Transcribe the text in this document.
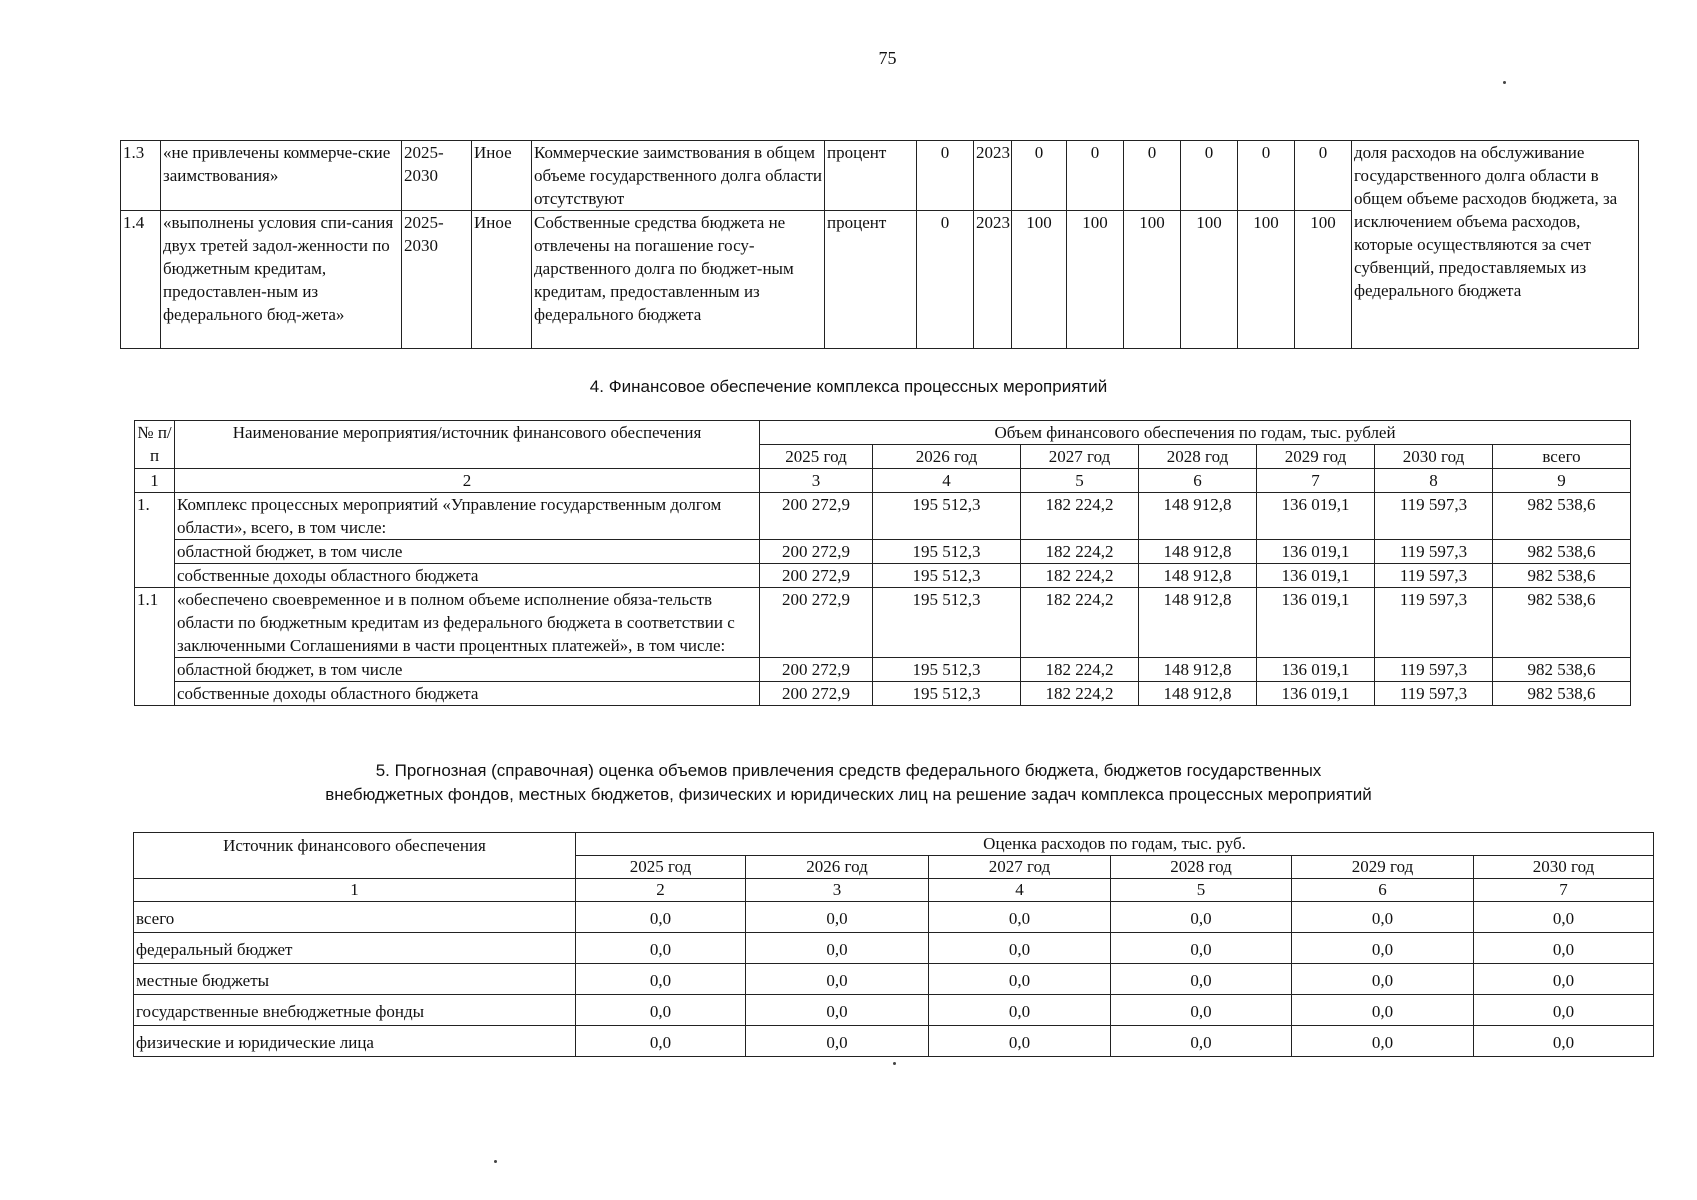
75
1.3	«не привлечены коммерче-ские заимствования»	2025-2030	Иное	Коммерческие заимствования в общем объеме государственного долга области отсутствуют	процент	0	2023	0	0	0	0	0	0	доля расходов на обслуживание государственного долга области в общем объеме расходов бюджета, за исключением объема расходов, которые осуществляются за счет субвенций, предоставляемых из федерального бюджета
1.4	«выполнены условия спи-сания двух третей задол-женности по бюджетным кредитам, предоставлен-ным из федерального бюд-жета»	2025-2030	Иное	Собственные средства бюджета не отвлечены на погашение госу-дарственного долга по бюджет-ным кредитам, предоставленным из федерального бюджета	процент	0	2023	100	100	100	100	100	100	
4. Финансовое обеспечение комплекса процессных мероприятий
№ п/п	Наименование мероприятия/источник финансового обеспечения	Объем финансового обеспечения по годам, тыс. рублей						
		2025 год	2026 год	2027 год	2028 год	2029 год	2030 год	всего
1	2	3	4	5	6	7	8	9
1.	Комплекс процессных мероприятий «Управление государственным долгом области», всего, в том числе:	200 272,9	195 512,3	182 224,2	148 912,8	136 019,1	119 597,3	982 538,6
	областной бюджет, в том числе	200 272,9	195 512,3	182 224,2	148 912,8	136 019,1	119 597,3	982 538,6
	собственные доходы областного бюджета	200 272,9	195 512,3	182 224,2	148 912,8	136 019,1	119 597,3	982 538,6
1.1	«обеспечено своевременное и в полном объеме исполнение обяза-тельств области по бюджетным кредитам из федерального бюджета в соответствии с заключенными Соглашениями в части процентных платежей», в том числе:	200 272,9	195 512,3	182 224,2	148 912,8	136 019,1	119 597,3	982 538,6
	областной бюджет, в том числе	200 272,9	195 512,3	182 224,2	148 912,8	136 019,1	119 597,3	982 538,6
	собственные доходы областного бюджета	200 272,9	195 512,3	182 224,2	148 912,8	136 019,1	119 597,3	982 538,6
5. Прогнозная (справочная) оценка объемов привлечения средств федерального бюджета, бюджетов государственных
внебюджетных фондов, местных бюджетов, физических и юридических лиц на решение задач комплекса процессных мероприятий
Источник финансового обеспечения	Оценка расходов по годам, тыс. руб.					
	2025 год	2026 год	2027 год	2028 год	2029 год	2030 год
1	2	3	4	5	6	7
всего	0,0	0,0	0,0	0,0	0,0	0,0
федеральный бюджет	0,0	0,0	0,0	0,0	0,0	0,0
местные бюджеты	0,0	0,0	0,0	0,0	0,0	0,0
государственные внебюджетные фонды	0,0	0,0	0,0	0,0	0,0	0,0
физические и юридические лица	0,0	0,0	0,0	0,0	0,0	0,0
